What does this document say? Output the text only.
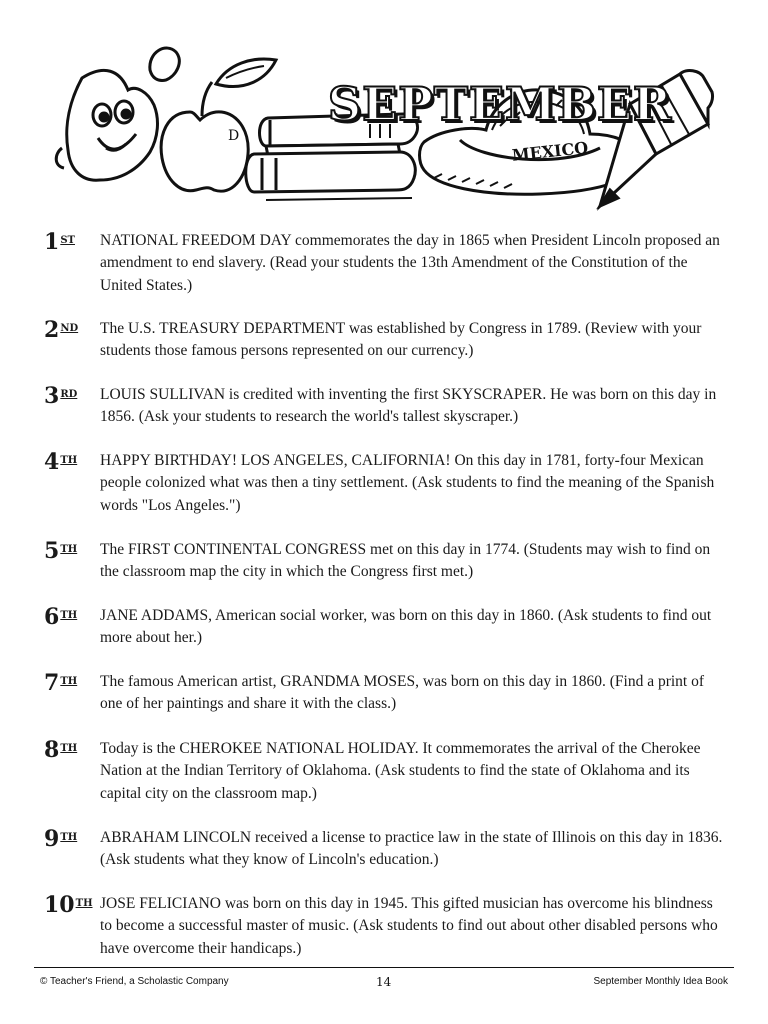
D
MEXICO
SEPTEMBER
1ST	NATIONAL FREEDOM DAY commemorates the day in 1865 when President Lincoln proposed an amendment to end slavery. (Read your students the 13th Amendment of the Constitution of the United States.)
2ND	The U.S. TREASURY DEPARTMENT was established by Congress in 1789. (Review with your students those famous persons represented on our currency.)
3RD	LOUIS SULLIVAN is credited with inventing the first SKYSCRAPER. He was born on this day in 1856. (Ask your students to research the world's tallest skyscraper.)
4TH	HAPPY BIRTHDAY! LOS ANGELES, CALIFORNIA! On this day in 1781, forty-four Mexican people colonized what was then a tiny settlement. (Ask students to find the meaning of the Spanish words "Los Angeles.")
5TH	The FIRST CONTINENTAL CONGRESS met on this day in 1774. (Students may wish to find on the classroom map the city in which the Congress first met.)
6TH	JANE ADDAMS, American social worker, was born on this day in 1860. (Ask students to find out more about her.)
7TH	The famous American artist, GRANDMA MOSES, was born on this day in 1860. (Find a print of one of her paintings and share it with the class.)
8TH	Today is the CHEROKEE NATIONAL HOLIDAY. It commemorates the arrival of the Cherokee Nation at the Indian Territory of Oklahoma. (Ask students to find the state of Oklahoma and its capital city on the classroom map.)
9TH	ABRAHAM LINCOLN received a license to practice law in the state of Illinois on this day in 1836. (Ask students what they know of Lincoln's education.)
10TH JOSE FELICIANO was born on this day in 1945. This gifted musician has overcome his blindness to become a successful master of music. (Ask students to find out about other disabled persons who have overcome their handicaps.)
© Teacher's Friend, a Scholastic Company	14	September Monthly Idea Book
